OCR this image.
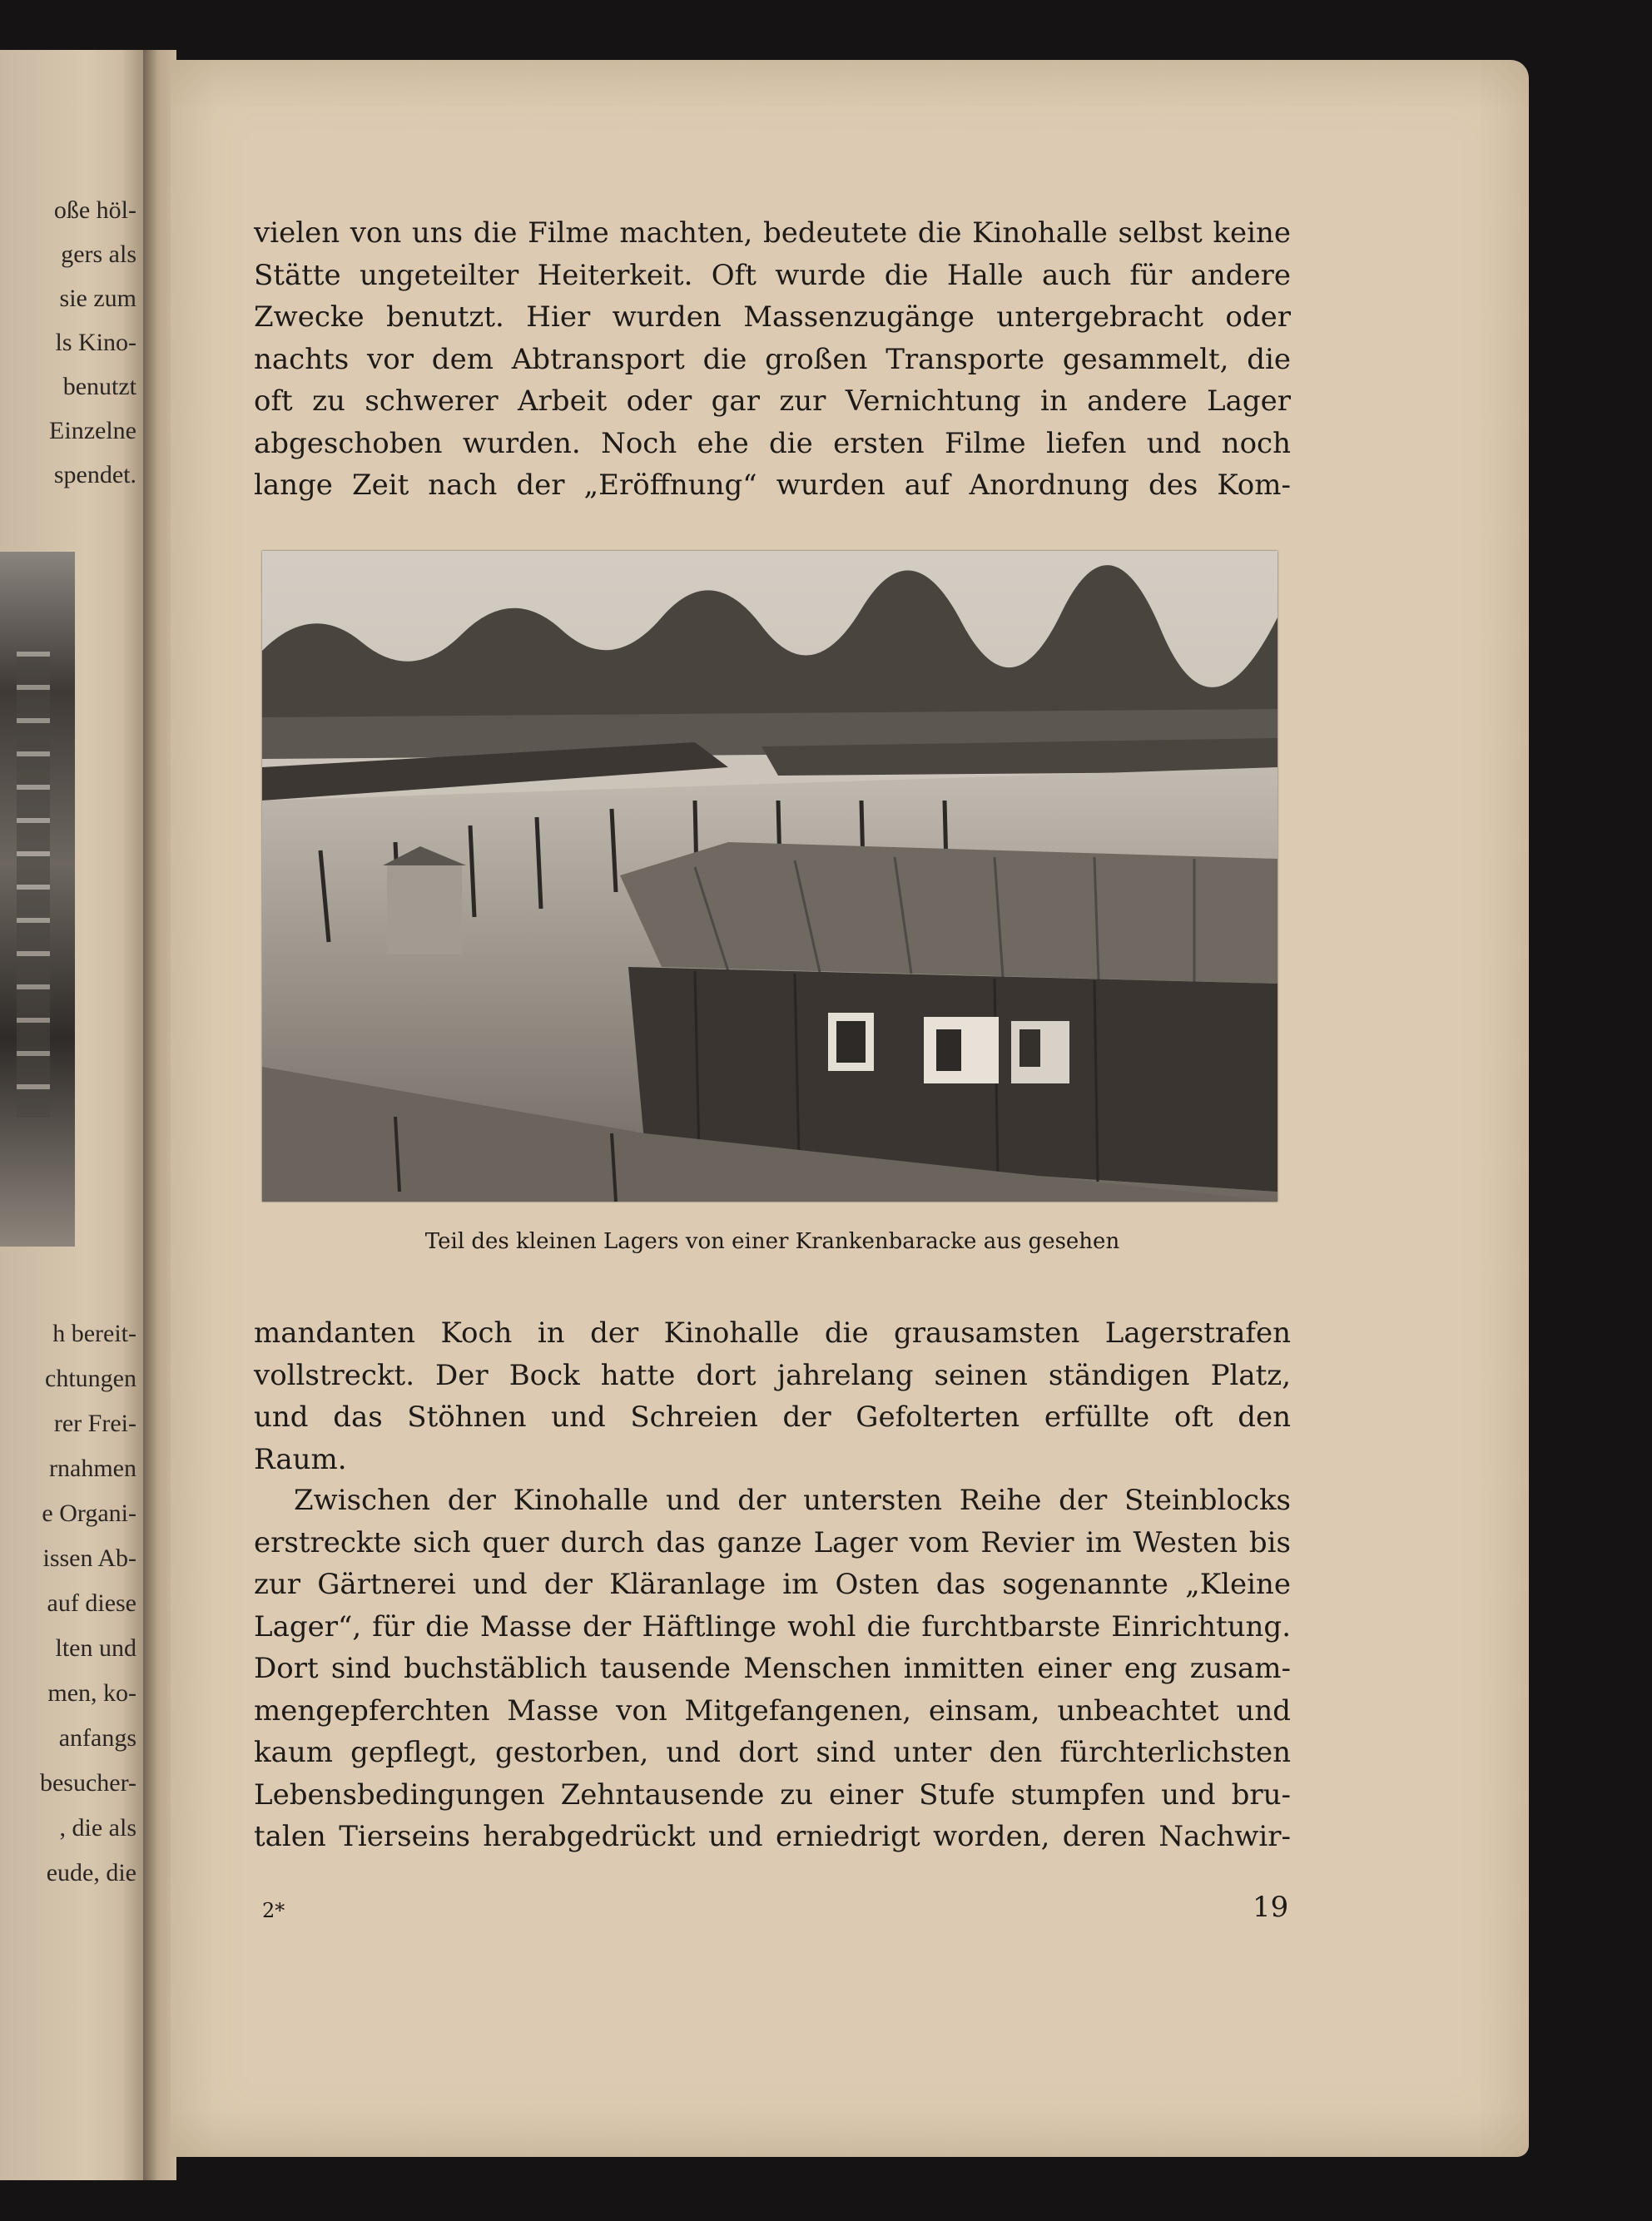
oße höl-

gers als

sie zum

ls Kino-

benutzt

Einzelne

spendet.

h bereit-

chtungen

rer Frei-

rnahmen

e Organi-

issen Ab-

auf diese

lten und

men, ko-

anfangs

besucher-

, die als

eude, die

vielen von uns die Filme machten, bedeutete die Kinohalle selbst keine
Stätte ungeteilter Heiterkeit. Oft wurde die Halle auch für andere
Zwecke benutzt. Hier wurden Massenzugänge untergebracht oder
nachts vor dem Abtransport die großen Transporte gesammelt, die
oft zu schwerer Arbeit oder gar zur Vernichtung in andere Lager
abgeschoben wurden. Noch ehe die ersten Filme liefen und noch
lange Zeit nach der „Eröffnung“ wurden auf Anordnung des Kom-

Teil des kleinen Lagers von einer Krankenbaracke aus gesehen

mandanten Koch in der Kinohalle die grausamsten Lagerstrafen
vollstreckt. Der Bock hatte dort jahrelang seinen ständigen Platz,
und das Stöhnen und Schreien der Gefolterten erfüllte oft den
Raum.
Zwischen der Kinohalle und der untersten Reihe der Steinblocks
erstreckte sich quer durch das ganze Lager vom Revier im Westen bis
zur Gärtnerei und der Kläranlage im Osten das sogenannte „Kleine
Lager“, für die Masse der Häftlinge wohl die furchtbarste Einrichtung.
Dort sind buchstäblich tausende Menschen inmitten einer eng zusam-
mengepferchten Masse von Mitgefangenen, einsam, unbeachtet und
kaum gepflegt, gestorben, und dort sind unter den fürchterlichsten
Lebensbedingungen Zehntausende zu einer Stufe stumpfen und bru-
talen Tierseins herabgedrückt und erniedrigt worden, deren Nachwir-

2*	19
